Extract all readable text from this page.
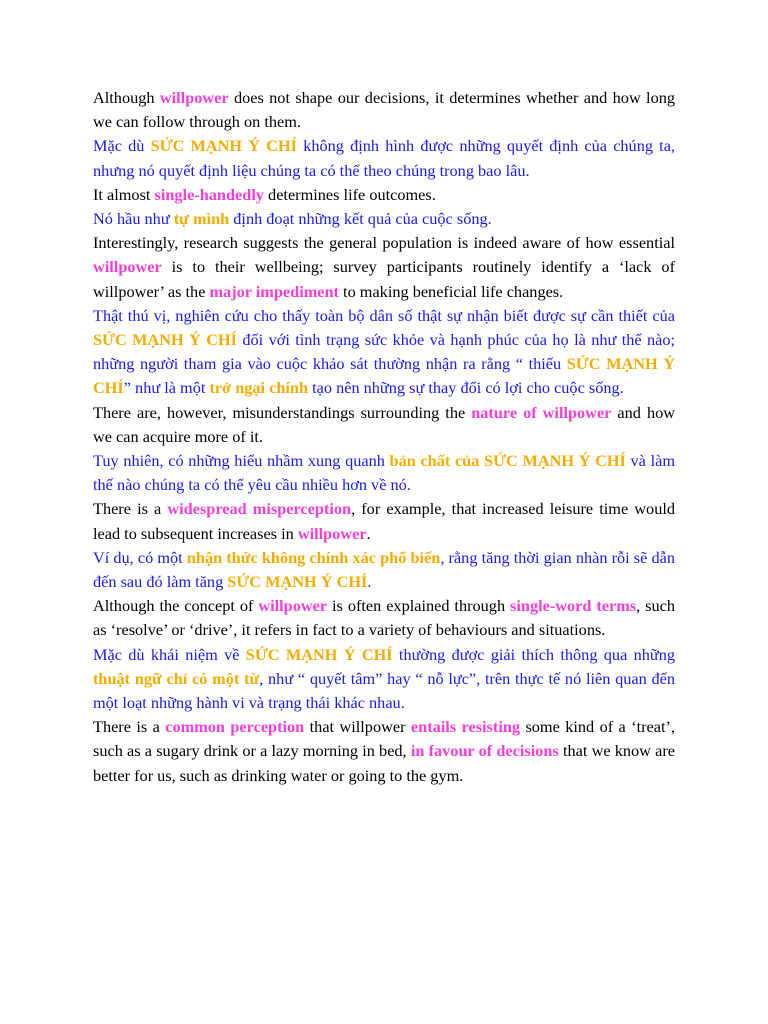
Although willpower does not shape our decisions, it determines whether and how long we can follow through on them.

Mặc dù SỨC MẠNH Ý CHÍ không định hình được những quyết định của chúng ta, nhưng nó quyết định liệu chúng ta có thể theo chúng trong bao lâu.

It almost single-handedly determines life outcomes.

Nó hầu như tự mình định đoạt những kết quả của cuộc sống.

Interestingly, research suggests the general population is indeed aware of how essential willpower is to their wellbeing; survey participants routinely identify a ‘lack of willpower’ as the major impediment to making beneficial life changes.

Thật thú vị, nghiên cứu cho thấy toàn bộ dân số thật sự nhận biết được sự cần thiết của SỨC MẠNH Ý CHÍ đối với tình trạng sức khỏe và hạnh phúc của họ là như thế nào; những người tham gia vào cuộc khảo sát thường nhận ra rằng “ thiếu SỨC MẠNH Ý CHÍ” như là một trở ngại chính tạo nên những sự thay đổi có lợi cho cuộc sống.

There are, however, misunderstandings surrounding the nature of willpower and how we can acquire more of it.

Tuy nhiên, có những hiểu nhầm xung quanh bản chất của SỨC MẠNH Ý CHÍ và làm thế nào chúng ta có thể yêu cầu nhiều hơn về nó.

There is a widespread misperception, for example, that increased leisure time would lead to subsequent increases in willpower.

Ví dụ, có một nhận thức không chính xác phổ biến, rằng tăng thời gian nhàn rỗi sẽ dẫn đến sau đó làm tăng SỨC MẠNH Ý CHÍ.

Although the concept of willpower is often explained through single-word terms, such as ‘resolve’ or ‘drive’, it refers in fact to a variety of behaviours and situations.

Mặc dù khái niệm về SỨC MẠNH Ý CHÍ thường được giải thích thông qua những thuật ngữ chỉ có một từ, như “ quyết tâm” hay “ nỗ lực”, trên thực tế nó liên quan đến một loạt những hành vi và trạng thái khác nhau.

There is a common perception that willpower entails resisting some kind of a ‘treat’, such as a sugary drink or a lazy morning in bed, in favour of decisions that we know are better for us, such as drinking water or going to the gym.
